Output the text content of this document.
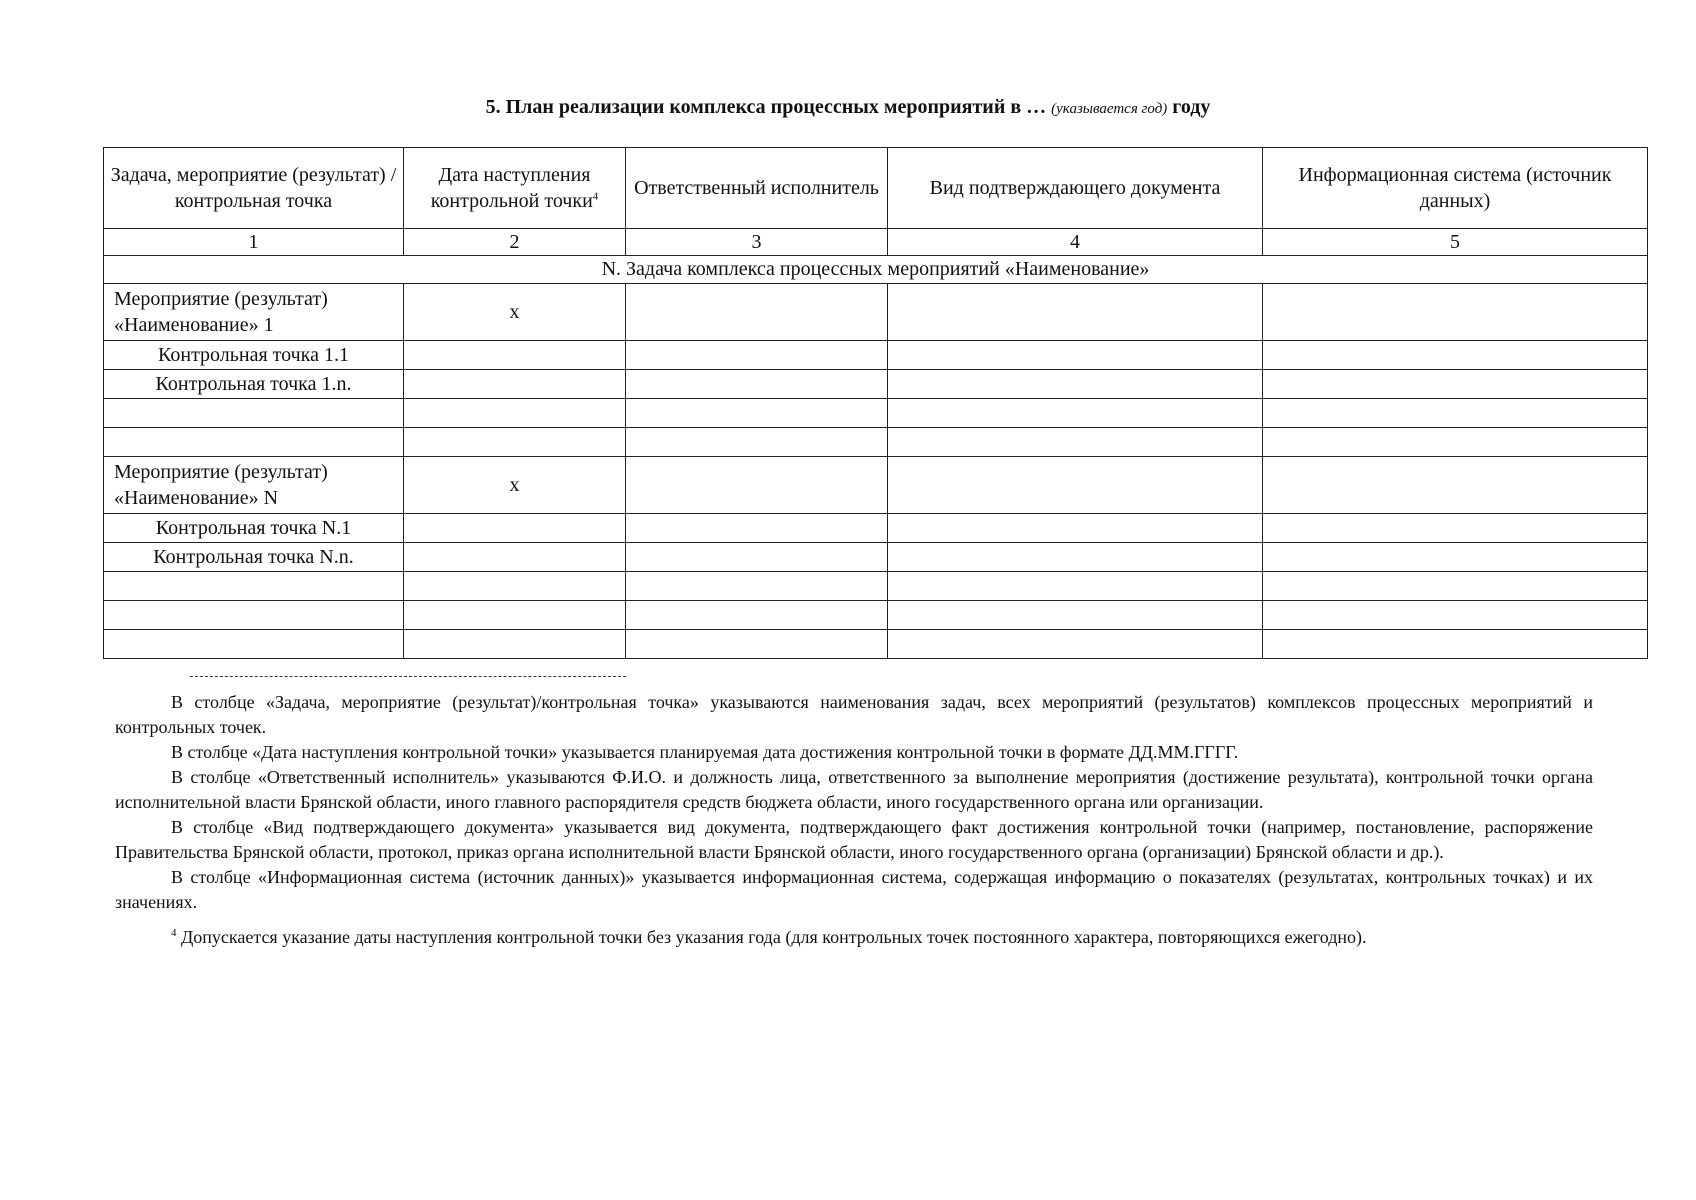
5. План реализации комплекса процессных мероприятий в … (указывается год) году
Задача, мероприятие (результат) / контрольная точка	Дата наступления контрольной точки$^4$	Ответственный исполнитель	Вид подтверждающего документа	Информационная система (источник данных)
1	2	3	4	5
N. Задача комплекса процессных мероприятий «Наименование»				
Мероприятие (результат) «Наименование» 1	x			
Контрольная точка 1.1				
Контрольная точка 1.n.				

Мероприятие (результат) «Наименование» N	x			
Контрольная точка N.1				
Контрольная точка N.n.				

В столбце «Задача, мероприятие (результат)/контрольная точка» указываются наименования задач, всех мероприятий (результатов) комплексов процессных мероприятий и контрольных точек.

В столбце «Дата наступления контрольной точки» указывается планируемая дата достижения контрольной точки в формате ДД.ММ.ГГГГ.

В столбце «Ответственный исполнитель» указываются Ф.И.О. и должность лица, ответственного за выполнение мероприятия (достижение результата), контрольной точки органа исполнительной власти Брянской области, иного главного распорядителя средств бюджета области, иного государственного органа или организации.

В столбце «Вид подтверждающего документа» указывается вид документа, подтверждающего факт достижения контрольной точки (например, постановление, распоряжение Правительства Брянской области, протокол, приказ органа исполнительной власти Брянской области, иного государственного органа (организации) Брянской области и др.).

В столбце «Информационная система (источник данных)» указывается информационная система, содержащая информацию о показателях (результатах, контрольных точках) и их значениях.

$^4$ Допускается указание даты наступления контрольной точки без указания года (для контрольных точек постоянного характера, повторяющихся ежегодно).
